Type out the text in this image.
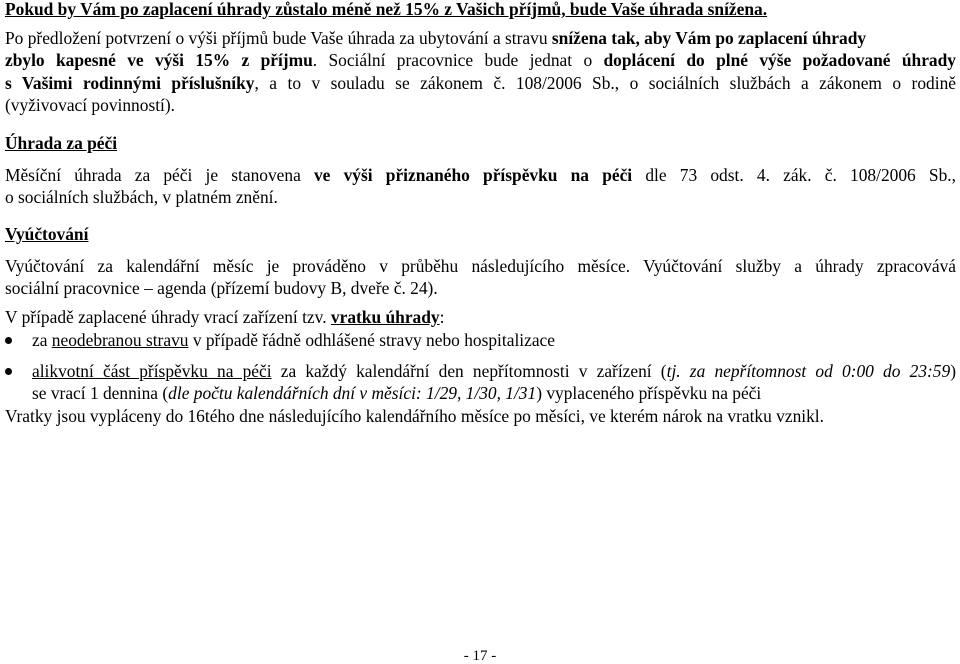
Pokud by Vám po zaplacení úhrady zůstalo méně než 15% z Vašich příjmů, bude Vaše úhrada snížena.
Po předložení potvrzení o výši příjmů bude Vaše úhrada za ubytování a stravu snížena tak, aby Vám po zaplacení úhrady
zbylo kapesné ve výši 15% z příjmu. Sociální pracovnice bude jednat o doplácení do plné výše požadované úhrady
s Vašimi rodinnými příslušníky, a to v souladu se zákonem č. 108/2006 Sb., o sociálních službách a zákonem o rodině
(vyživovací povinností).
Úhrada za péči
Měsíční úhrada za péči je stanovena ve výši přiznaného příspěvku na péči dle 73 odst. 4. zák. č. 108/2006 Sb.,
o sociálních službách, v platném znění.
Vyúčtování
Vyúčtování za kalendářní měsíc je prováděno v průběhu následujícího měsíce. Vyúčtování služby a úhrady zpracovává
sociální pracovnice – agenda (přízemí budovy B, dveře č. 24).
V případě zaplacené úhrady vrací zařízení tzv. vratku úhrady:
za neodebranou stravu v případě řádně odhlášené stravy nebo hospitalizace
alikvotní část příspěvku na péči za každý kalendářní den nepřítomnosti v zařízení (tj. za nepřítomnost od 0:00 do 23:59)
se vrací 1 dennina (dle počtu kalendářních dní v měsíci: 1/29, 1/30, 1/31) vyplaceného příspěvku na péči
Vratky jsou vypláceny do 16tého dne následujícího kalendářního měsíce po měsíci, ve kterém nárok na vratku vznikl.
- 17 -
